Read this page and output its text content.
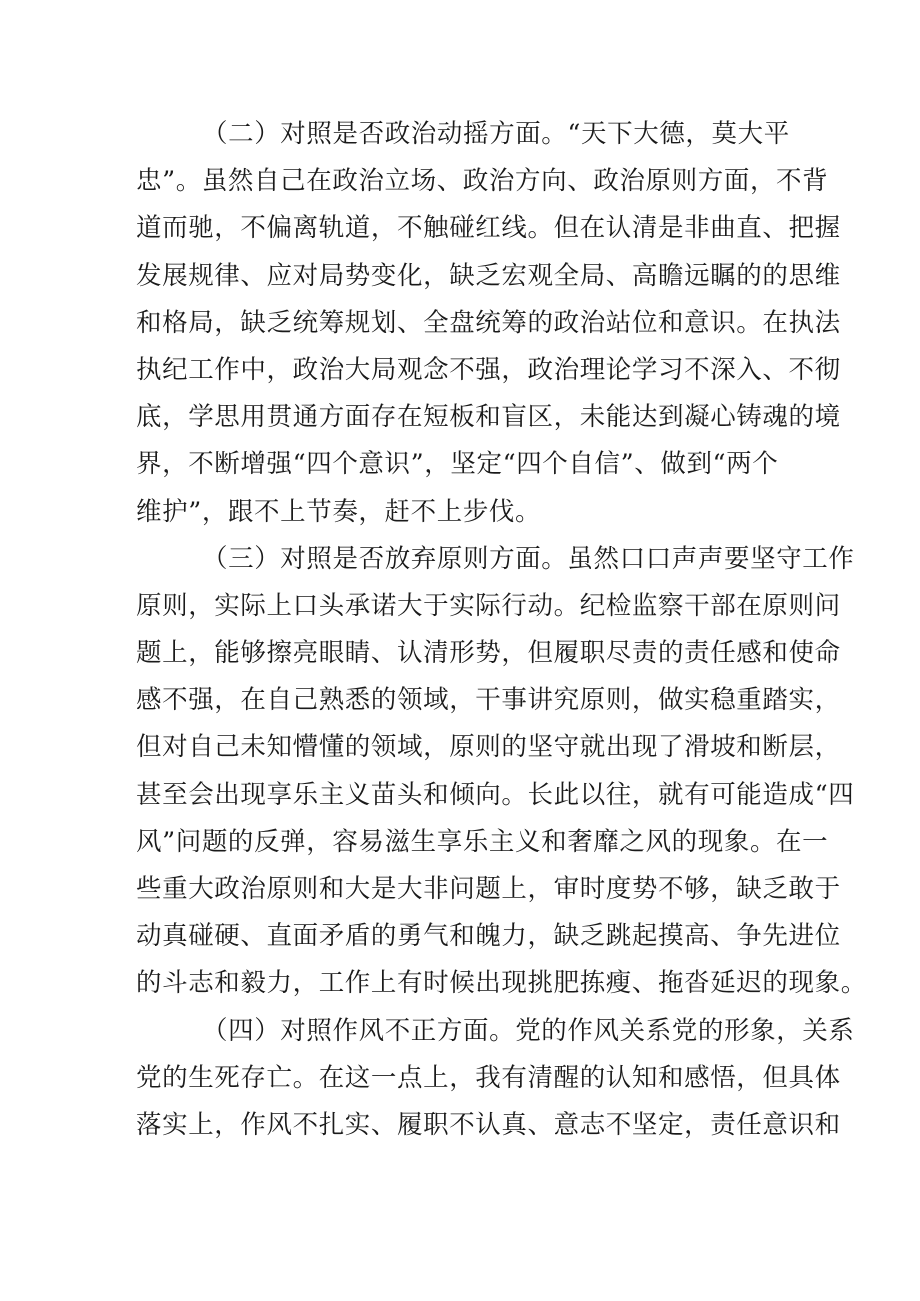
（二）对照是否政治动摇方面。“天下大德，莫大平
忠”。虽然自己在政治立场、政治方向、政治原则方面，不背
道而驰，不偏离轨道，不触碰红线。但在认清是非曲直、把握
发展规律、应对局势变化，缺乏宏观全局、高瞻远瞩的的思维
和格局，缺乏统筹规划、全盘统筹的政治站位和意识。在执法
执纪工作中，政治大局观念不强，政治理论学习不深入、不彻
底，学思用贯通方面存在短板和盲区，未能达到凝心铸魂的境
界，不断增强“四个意识”，坚定“四个自信”、做到“两个
维护”，跟不上节奏，赶不上步伐。
（三）对照是否放弃原则方面。虽然口口声声要坚守工作
原则，实际上口头承诺大于实际行动。纪检监察干部在原则问
题上，能够擦亮眼睛、认清形势，但履职尽责的责任感和使命
感不强，在自己熟悉的领域，干事讲究原则，做实稳重踏实，
但对自己未知懵懂的领域，原则的坚守就出现了滑坡和断层，
甚至会出现享乐主义苗头和倾向。长此以往，就有可能造成“四
风”问题的反弹，容易滋生享乐主义和奢靡之风的现象。在一
些重大政治原则和大是大非问题上，审时度势不够，缺乏敢于
动真碰硬、直面矛盾的勇气和魄力，缺乏跳起摸高、争先进位
的斗志和毅力，工作上有时候出现挑肥拣瘦、拖沓延迟的现象。
（四）对照作风不正方面。党的作风关系党的形象，关系
党的生死存亡。在这一点上，我有清醒的认知和感悟，但具体
落实上，作风不扎实、履职不认真、意志不坚定，责任意识和
